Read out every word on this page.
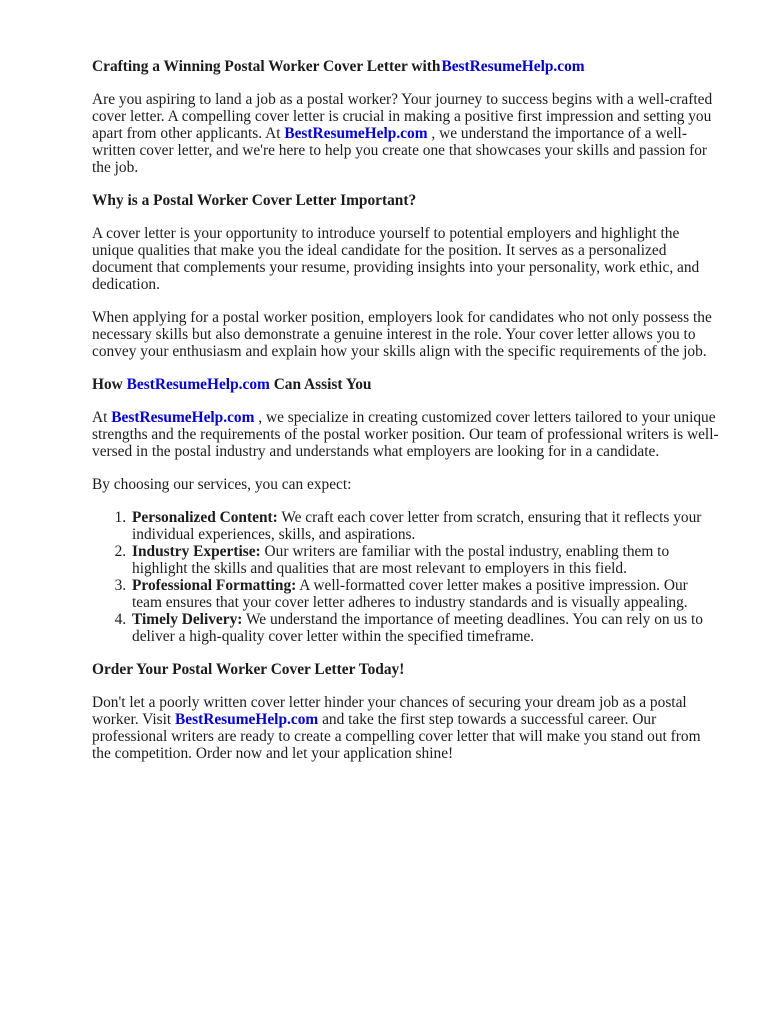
Crafting a Winning Postal Worker Cover Letter withBestResumeHelp.com

Are you aspiring to land a job as a postal worker? Your journey to success begins with a well-crafted cover letter. A compelling cover letter is crucial in making a positive first impression and setting you apart from other applicants. At BestResumeHelp.com , we understand the importance of a well-written cover letter, and we're here to help you create one that showcases your skills and passion for the job.

Why is a Postal Worker Cover Letter Important?

A cover letter is your opportunity to introduce yourself to potential employers and highlight the unique qualities that make you the ideal candidate for the position. It serves as a personalized document that complements your resume, providing insights into your personality, work ethic, and dedication.

When applying for a postal worker position, employers look for candidates who not only possess the necessary skills but also demonstrate a genuine interest in the role. Your cover letter allows you to convey your enthusiasm and explain how your skills align with the specific requirements of the job.

How BestResumeHelp.com Can Assist You

At BestResumeHelp.com , we specialize in creating customized cover letters tailored to your unique strengths and the requirements of the postal worker position. Our team of professional writers is well-versed in the postal industry and understands what employers are looking for in a candidate.

By choosing our services, you can expect:

1. Personalized Content: We craft each cover letter from scratch, ensuring that it reflects your individual experiences, skills, and aspirations.
2. Industry Expertise: Our writers are familiar with the postal industry, enabling them to highlight the skills and qualities that are most relevant to employers in this field.
3. Professional Formatting: A well-formatted cover letter makes a positive impression. Our team ensures that your cover letter adheres to industry standards and is visually appealing.
4. Timely Delivery: We understand the importance of meeting deadlines. You can rely on us to deliver a high-quality cover letter within the specified timeframe.
Order Your Postal Worker Cover Letter Today!

Don't let a poorly written cover letter hinder your chances of securing your dream job as a postal worker. Visit BestResumeHelp.com and take the first step towards a successful career. Our professional writers are ready to create a compelling cover letter that will make you stand out from the competition. Order now and let your application shine!
